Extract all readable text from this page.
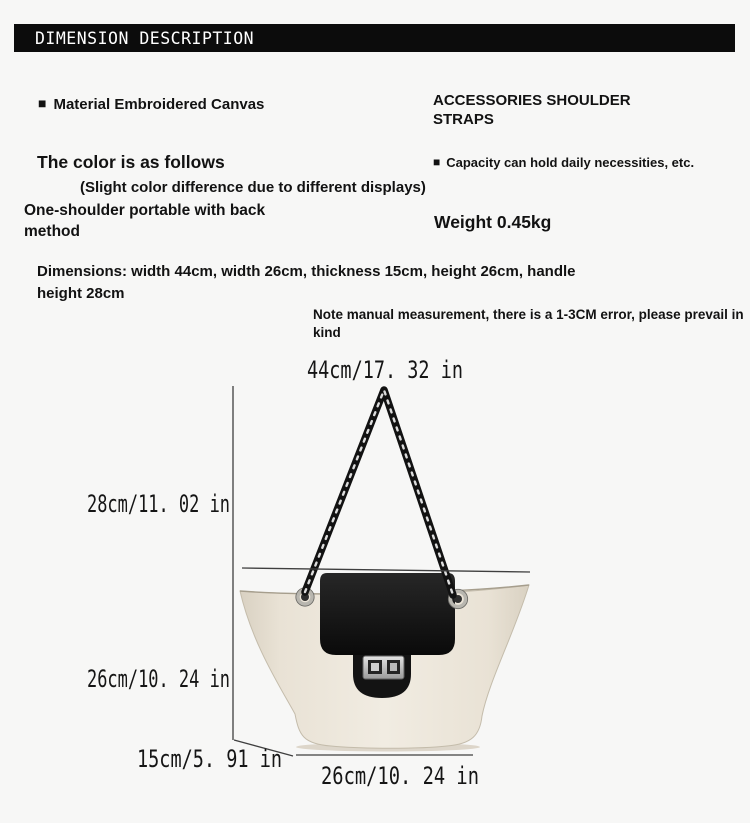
DIMENSION DESCRIPTION
■ Material Embroidered Canvas	ACCESSORIES SHOULDER STRAPS
The color is as follows
(Slight color difference due to different displays)
■ Capacity can hold daily necessities, etc.
One-shoulder portable with back method	Weight 0.45kg
Dimensions: width 44cm, width 26cm, thickness 15cm, height 26cm, handle height 28cm
Note manual measurement, there is a 1-3CM error, please prevail in kind
44cm/17. 32 in
28cm/11. 02 in
26cm/10. 24 in
15cm/5. 91 in
26cm/10. 24 in
